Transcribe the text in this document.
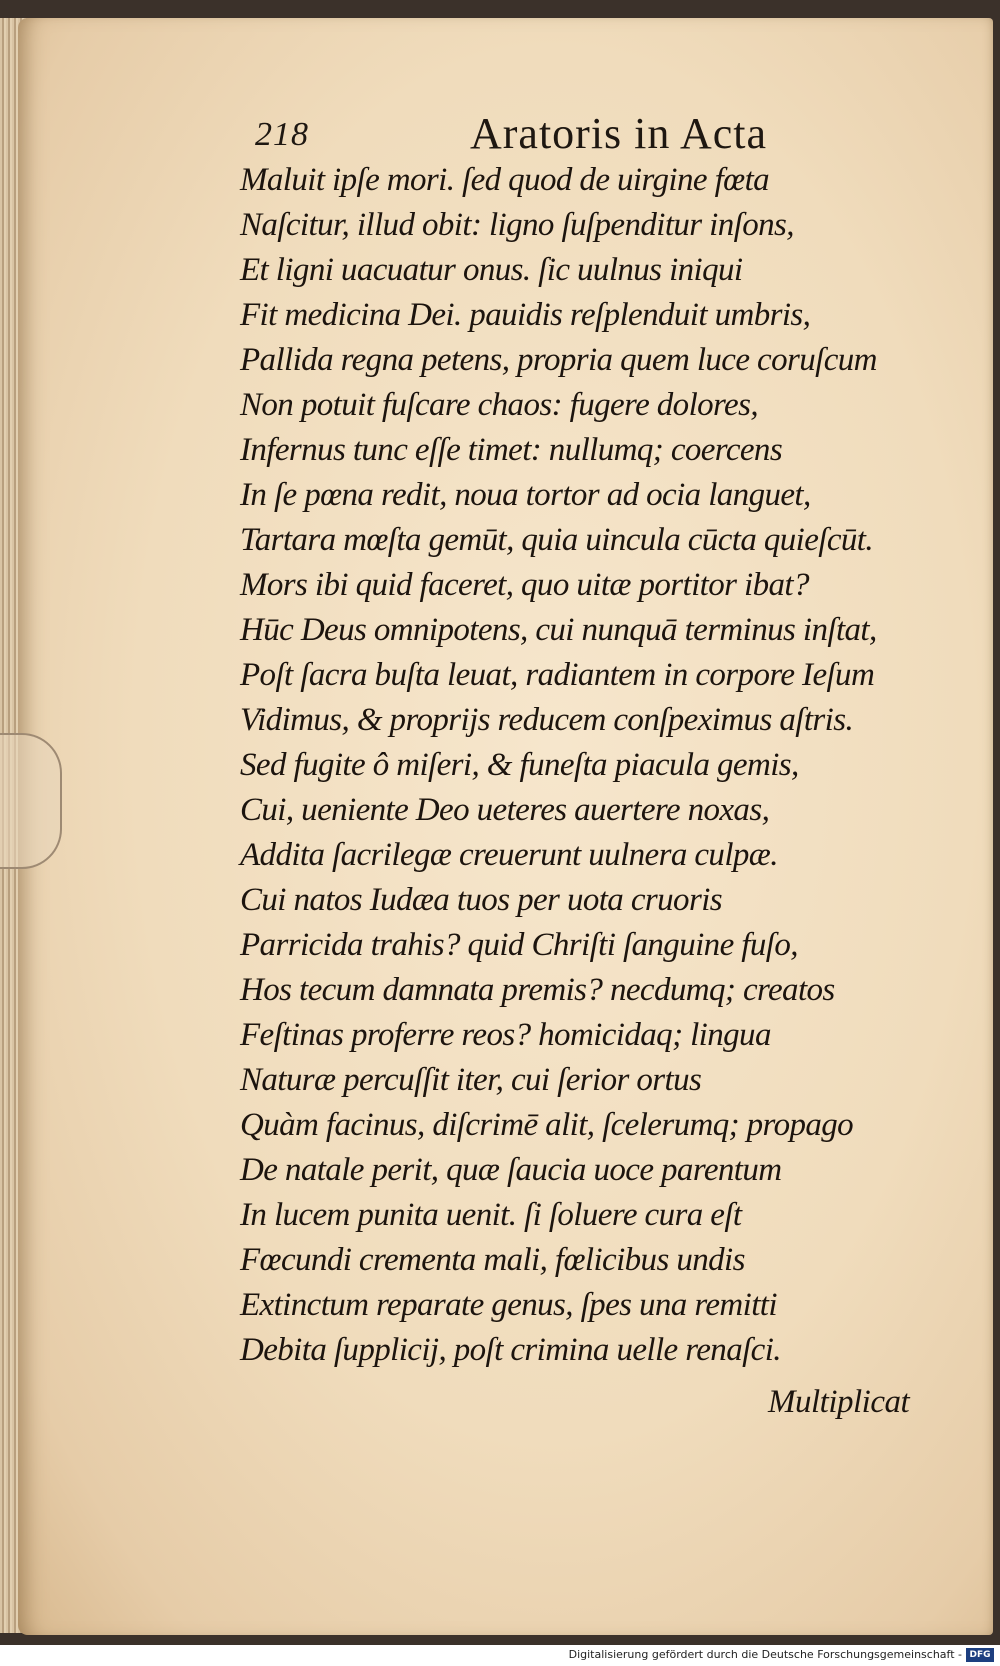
218	Aratoris in Acta
Maluit ipſe mori. ſed quod de uirgine fœta
Naſcitur, illud obit: ligno ſuſpenditur inſons,
Et ligni uacuatur onus. ſic uulnus iniqui
Fit medicina Dei. pauidis reſplenduit umbris,
Pallida regna petens, propria quem luce coruſcum
Non potuit fuſcare chaos: fugere dolores,
Infernus tunc eſſe timet: nullumq; coercens
In ſe pœna redit, noua tortor ad ocia languet,
Tartara mœſta gemūt, quia uincula cūcta quieſcūt.
Mors ibi quid faceret, quo uitæ portitor ibat?
Hūc Deus omnipotens, cui nunquā terminus inſtat,
Poſt ſacra buſta leuat, radiantem in corpore Ieſum
Vidimus, & proprijs reducem conſpeximus aſtris.
Sed fugite ô miſeri, & funeſta piacula gemis,
Cui, ueniente Deo ueteres auertere noxas,
Addita ſacrilegæ creuerunt uulnera culpæ.
Cui natos Iudæa tuos per uota cruoris
Parricida trahis? quid Chriſti ſanguine fuſo,
Hos tecum damnata premis? necdumq; creatos
Feſtinas proferre reos? homicidaq; lingua
Naturæ percuſſit iter, cui ſerior ortus
Quàm facinus, diſcrimē alit, ſcelerumq; propago
De natale perit, quæ ſaucia uoce parentum
In lucem punita uenit. ſi ſoluere cura eſt
Fœcundi crementa mali, fœlicibus undis
Extinctum reparate genus, ſpes una remitti
Debita ſupplicij, poſt crimina uelle renaſci.
Multiplicat
Digitalisierung gefördert durch die Deutsche Forschungsgemeinschaft - DFG
